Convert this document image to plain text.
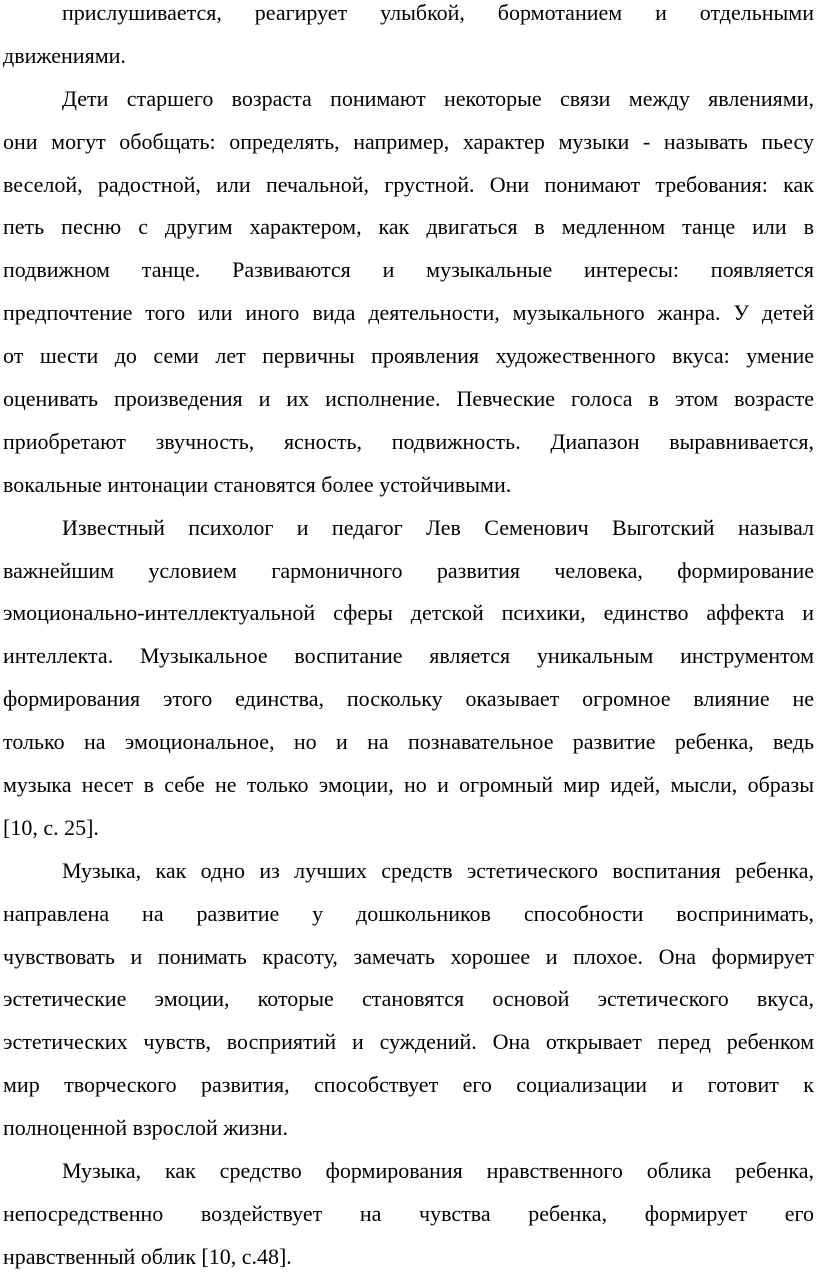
прислушивается, реагирует улыбкой, бормотанием и отдельными
движениями.
Дети старшего возраста понимают некоторые связи между явлениями,
они могут обобщать: определять, например, характер музыки - называть пьесу
веселой, радостной, или печальной, грустной. Они понимают требования: как
петь песню с другим характером, как двигаться в медленном танце или в
подвижном танце. Развиваются и музыкальные интересы: появляется
предпочтение того или иного вида деятельности, музыкального жанра. У детей
от шести до семи лет первичны проявления художественного вкуса: умение
оценивать произведения и их исполнение. Певческие голоса в этом возрасте
приобретают звучность, ясность, подвижность. Диапазон выравнивается,
вокальные интонации становятся более устойчивыми.
Известный психолог и педагог Лев Семенович Выготский называл
важнейшим условием гармоничного развития человека, формирование
эмоционально-интеллектуальной сферы детской психики, единство аффекта и
интеллекта. Музыкальное воспитание является уникальным инструментом
формирования этого единства, поскольку оказывает огромное влияние не
только на эмоциональное, но и на познавательное развитие ребенка, ведь
музыка несет в себе не только эмоции, но и огромный мир идей, мысли, образы
[10, с. 25].
Музыка, как одно из лучших средств эстетического воспитания ребенка,
направлена на развитие у дошкольников способности воспринимать,
чувствовать и понимать красоту, замечать хорошее и плохое. Она формирует
эстетические эмоции, которые становятся основой эстетического вкуса,
эстетических чувств, восприятий и суждений. Она открывает перед ребенком
мир творческого развития, способствует его социализации и готовит к
полноценной взрослой жизни.
Музыка, как средство формирования нравственного облика ребенка,
непосредственно воздействует на чувства ребенка, формирует его
нравственный облик [10, с.48].
